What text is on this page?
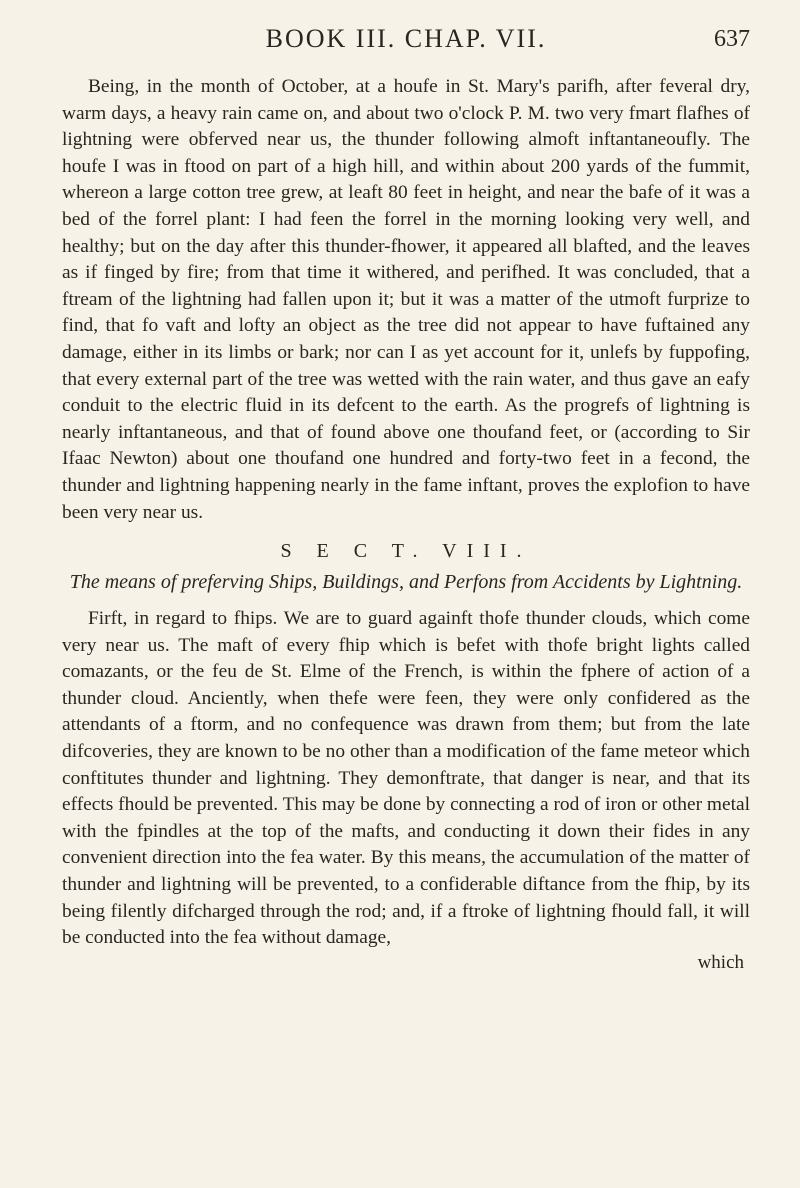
BOOK III. CHAP. VII.	637

Being, in the month of October, at a houfe in St. Mary's parifh, after feveral dry, warm days, a heavy rain came on, and about two o'clock P. M. two very fmart flafhes of lightning were obferved near us, the thunder following almoft inftantaneoufly. The houfe I was in ftood on part of a high hill, and within about 200 yards of the fummit, whereon a large cotton tree grew, at leaft 80 feet in height, and near the bafe of it was a bed of the forrel plant: I had feen the forrel in the morning looking very well, and healthy; but on the day after this thunder-fhower, it appeared all blafted, and the leaves as if finged by fire; from that time it withered, and perifhed. It was concluded, that a ftream of the lightning had fallen upon it; but it was a matter of the utmoft furprize to find, that fo vaft and lofty an object as the tree did not appear to have fuftained any damage, either in its limbs or bark; nor can I as yet account for it, unlefs by fuppofing, that every external part of the tree was wetted with the rain water, and thus gave an eafy conduit to the electric fluid in its defcent to the earth. As the progrefs of lightning is nearly inftantaneous, and that of found above one thoufand feet, or (according to Sir Ifaac Newton) about one thoufand one hundred and forty-two feet in a fecond, the thunder and lightning happening nearly in the fame inftant, proves the explofion to have been very near us.

S E C T. VIII.
The means of preferving Ships, Buildings, and Perfons from Accidents by Lightning.

Firft, in regard to fhips. We are to guard againft thofe thunder clouds, which come very near us. The maft of every fhip which is befet with thofe bright lights called comazants, or the feu de St. Elme of the French, is within the fphere of action of a thunder cloud. Anciently, when thefe were feen, they were only confidered as the attendants of a ftorm, and no confequence was drawn from them; but from the late difcoveries, they are known to be no other than a modification of the fame meteor which conftitutes thunder and lightning. They demonftrate, that danger is near, and that its effects fhould be prevented. This may be done by connecting a rod of iron or other metal with the fpindles at the top of the mafts, and conducting it down their fides in any convenient direction into the fea water. By this means, the accumulation of the matter of thunder and lightning will be prevented, to a confiderable diftance from the fhip, by its being filently difcharged through the rod; and, if a ftroke of lightning fhould fall, it will be conducted into the fea without damage,

which
